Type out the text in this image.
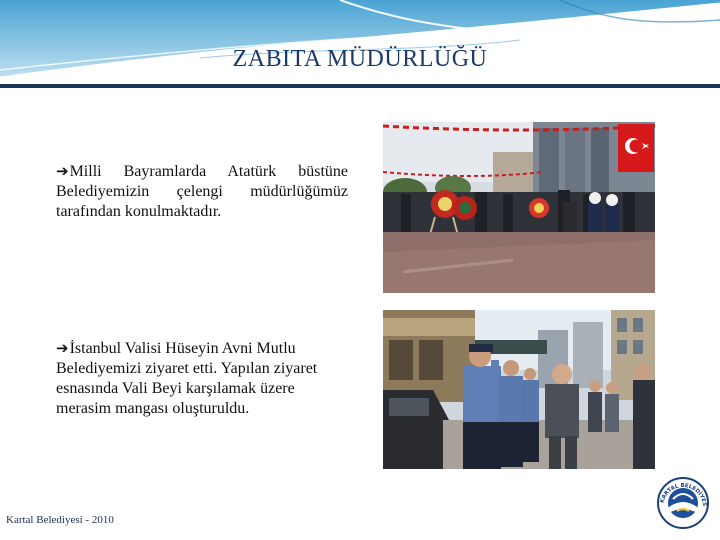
ZABITA MÜDÜRLÜĞÜ
➔Milli Bayramlarda Atatürk büstüne Belediyemizin çelengi müdürlüğümüz tarafından konulmaktadır.
➔İstanbul Valisi Hüseyin Avni Mutlu Belediyemizi ziyaret etti. Yapılan ziyaret esnasında Vali Beyi karşılamak üzere merasim mangası oluşturuldu.
Kartal Belediyesi - 2010
KARTAL BELEDİYES
